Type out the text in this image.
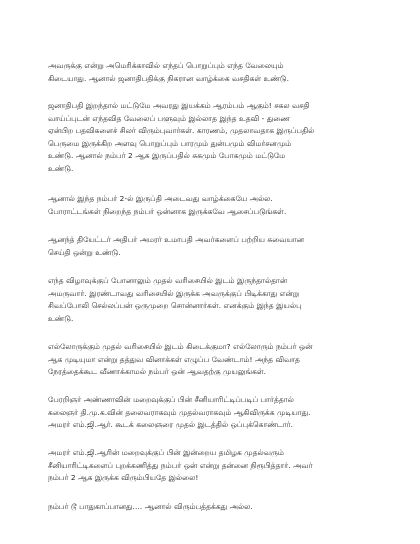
அவருக்கு என்று அமெரிக்காவில் எந்தப் பொறுப்பும் எந்த வேலையும்
கிடையாது. ஆனால் ஜனாதிபதிக்கு நிகரான வாழ்க்கை வசதிகள் உண்டு.
ஜனாதிபதி இறந்தால் மட்டுமே அவரது இயக்கம் ஆரம்பம் ஆகும்! சகல வசதி
வாய்ப்புடன் எந்தவித வேலைப் பளுவும் இல்லாத இந்த உதவி - துணை
ஏன்பிற பதவிகளைச் சிலர் விரும்புவார்கள். காரணம், முதலாவதாக இருப்பதில்
பெருமை இருக்கிற அளவு பொறுப்பும் பாரமும் துன்பமும் விமர்சனமும்
உண்டு. ஆனால் நம்பர் 2 ஆக இருப்பதில் சுகமும் போகமும் மட்டுமே
உண்டு.
ஆனால் இந்த நம்பர் 2-ல் இருப்தி அடைவது வாழ்க்கையே அல்ல.
போராட்டங்கள் நிறைந்த நம்பர் ஒன்னாக இருக்கவே ஆசைப்படுங்கள்.
ஆனந்த் தியேட்டர் அதிபர் அமரர் உமாபதி அவர்களைப் பற்றிய சுவையான
செய்தி ஒன்று உண்டு.
எந்த விழாவுக்குப் போனாலும் முதல் வரிசையில் இடம் இருந்தால்தான்
அமருவார். இரண்டாவது வரிசையில் இருக்க அவருக்குப் பிடிக்காது என்று
சிவப்போலி செல்லப்பன் ஒருமுறை சொன்னார்கள். எனக்கும் இந்த இயல்பு
உண்டு.
எல்லோருக்கும் முதல் வரிசையில் இடம் கிடைக்குமா? எல்லோரும் நம்பர் ஒன்
ஆக முடியுமா என்று தத்துவ வினாக்கள் எழுப்ப வேண்டாம்! அந்த விவாத
நேரத்தைக்கூட வீணாக்காமல் நம்பர் ஒன் ஆவதற்கு முயலுங்கள்.
பேரறிஞர் அண்ணாவின் மறைவுக்குப் பின் சீனியாரிட்டிப்படிப் பார்த்தால்
கலைஞர் தி.மு.க.வின் தலைவராகவும் முதல்வராகவும் ஆகிவிருக்க முடியாது.
அமரர் எம்.ஜி.ஆர். கூடக் கலைஞரை முதல் இடத்தில் ஒப்புக்கொண்டார்.
அமரர் எம்.ஜி.ஆரின் மறைவுக்குப் பின் இன்றைய தமிழக முதல்வரும்
சீனியாரிட்டிகளைப் புறக்கணித்து நம்பர் ஒன் என்று தன்னை நிரூபித்தார். அவர்
நம்பர் 2 ஆக இருக்க விரும்பியதே இல்லை!
நம்பர் டூ பாதுகாப்பானது.... ஆனால் விரும்பத்தக்கது அல்ல.
